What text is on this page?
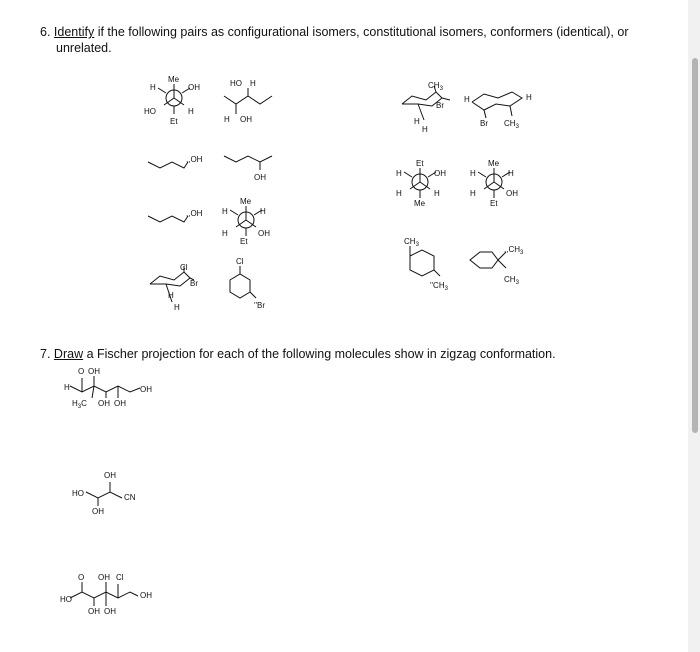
6. Identify if the following pairs as configurational isomers, constitutional isomers, conformers (identical), or
unrelated.
Me
H	OH
HO	H
Et
HO H
H OH
$CH_3$
Br
H
H
H	H
Br $CH_3$
,,OH
OH
Et
H	OH
H	H
Me
Me
H	H
H	OH
Et
,,OH
Me
H	H
H	OH
Et	$CH_3$
''$CH_3$
$,,CH_3$
$CH_3$
Cl
Br
H
H
Cl
''Br
7. Draw a Fischer projection for each of the following molecules show in zigzag conformation.
O OH
H	OH
$H_3C$ OH OH
OH
HO	CN
OH
O OH Cl
HO	OH
OH OH
